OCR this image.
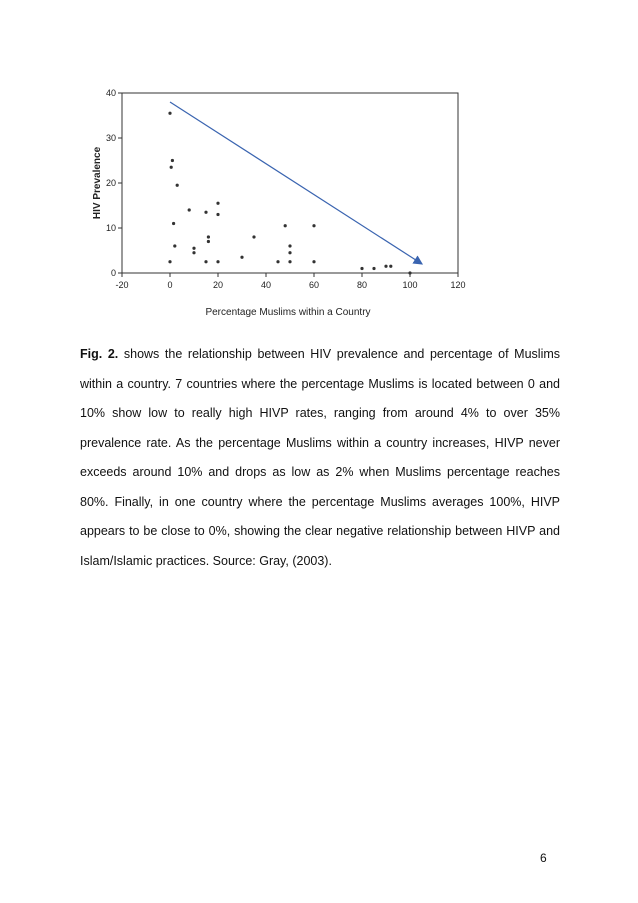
-20	0	20	40	60	80	100	120
0
10
20
30
40
Percentage Muslims within a Country
HIV Prevalence

Fig. 2. shows the relationship between HIV prevalence and percentage of Muslims within a country. 7 countries where the percentage Muslims is located between 0 and 10% show low to really high HIVP rates, ranging from around 4% to over 35% prevalence rate. As the percentage Muslims within a country increases, HIVP never exceeds around 10% and drops as low as 2% when Muslims percentage reaches 80%. Finally, in one country where the percentage Muslims averages 100%, HIVP appears to be close to 0%, showing the clear negative relationship between HIVP and Islam/Islamic practices. Source: Gray, (2003).

6
